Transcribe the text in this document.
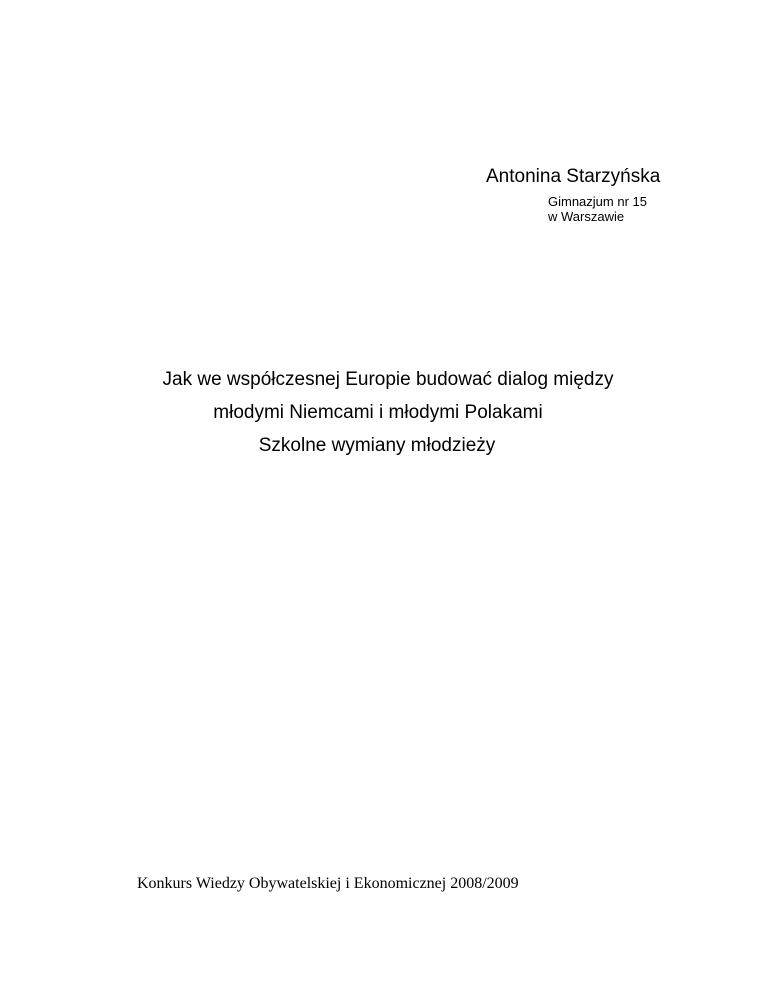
Antonina Starzyńska
Gimnazjum nr 15
w Warszawie
Jak we współczesnej Europie budować dialog między
młodymi Niemcami i młodymi Polakami
Szkolne wymiany młodzieży
Konkurs Wiedzy Obywatelskiej i Ekonomicznej 2008/2009
